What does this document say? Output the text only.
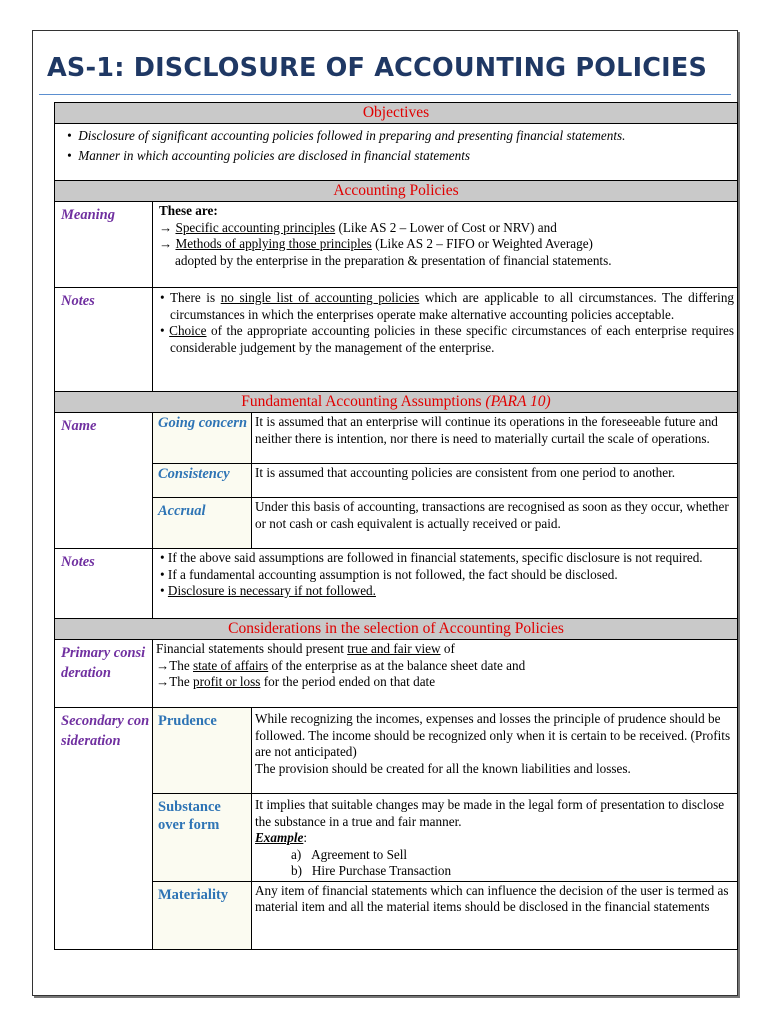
AS-1: DISCLOSURE OF ACCOUNTING POLICIES
Objectives		

•  Disclosure of significant accounting policies followed in preparing and presenting financial statements.
•  Manner in which accounting policies are disclosed in financial statements		

Accounting Policies		
Meaning	These are:
→ Specific accounting principles (Like AS 2 – Lower of Cost or NRV) and
→ Methods of applying those principles (Like AS 2 – FIFO or Weighted Average)
adopted by the enterprise in the preparation & presentation of financial statements.	

Notes	• There is no single list of accounting policies which are applicable to all circumstances. The differing circumstances in which the enterprises operate make alternative accounting policies acceptable.
• Choice of the appropriate accounting policies in these specific circumstances of each enterprise requires considerable judgement by the management of the enterprise.	

Fundamental Accounting Assumptions (PARA 10)		
Name	Going concern	It is assumed that an enterprise will continue its operations in the foreseeable future and neither there is intention, nor there is need to materially curtail the scale of operations.
	Consistency	It is assumed that accounting policies are consistent from one period to another.
	Accrual	Under this basis of accounting, transactions are recognised as soon as they occur, whether or not cash or cash equivalent is actually received or paid.
Notes	• If the above said assumptions are followed in financial statements, specific disclosure is not required.
• If a fundamental accounting assumption is not followed, the fact should be disclosed.
• Disclosure is necessary if not followed.	

Considerations in the selection of Accounting Policies		
Primary consideration	Financial statements should present true and fair view of
→The state of affairs of the enterprise as at the balance sheet date and
→The profit or loss for the period ended on that date	

Secondary consideration	Prudence	While recognizing the incomes, expenses and losses the principle of prudence should be followed. The income should be recognized only when it is certain to be received. (Profits are not anticipated)
The provision should be created for all the known liabilities and losses.

	Substance over form	It implies that suitable changes may be made in the legal form of presentation to disclose the substance in a true and fair manner.
Example:
a)   Agreement to Sell
b)   Hire Purchase Transaction

	Materiality	Any item of financial statements which can influence the decision of the user is termed as material item and all the material items should be disclosed in the financial statements
